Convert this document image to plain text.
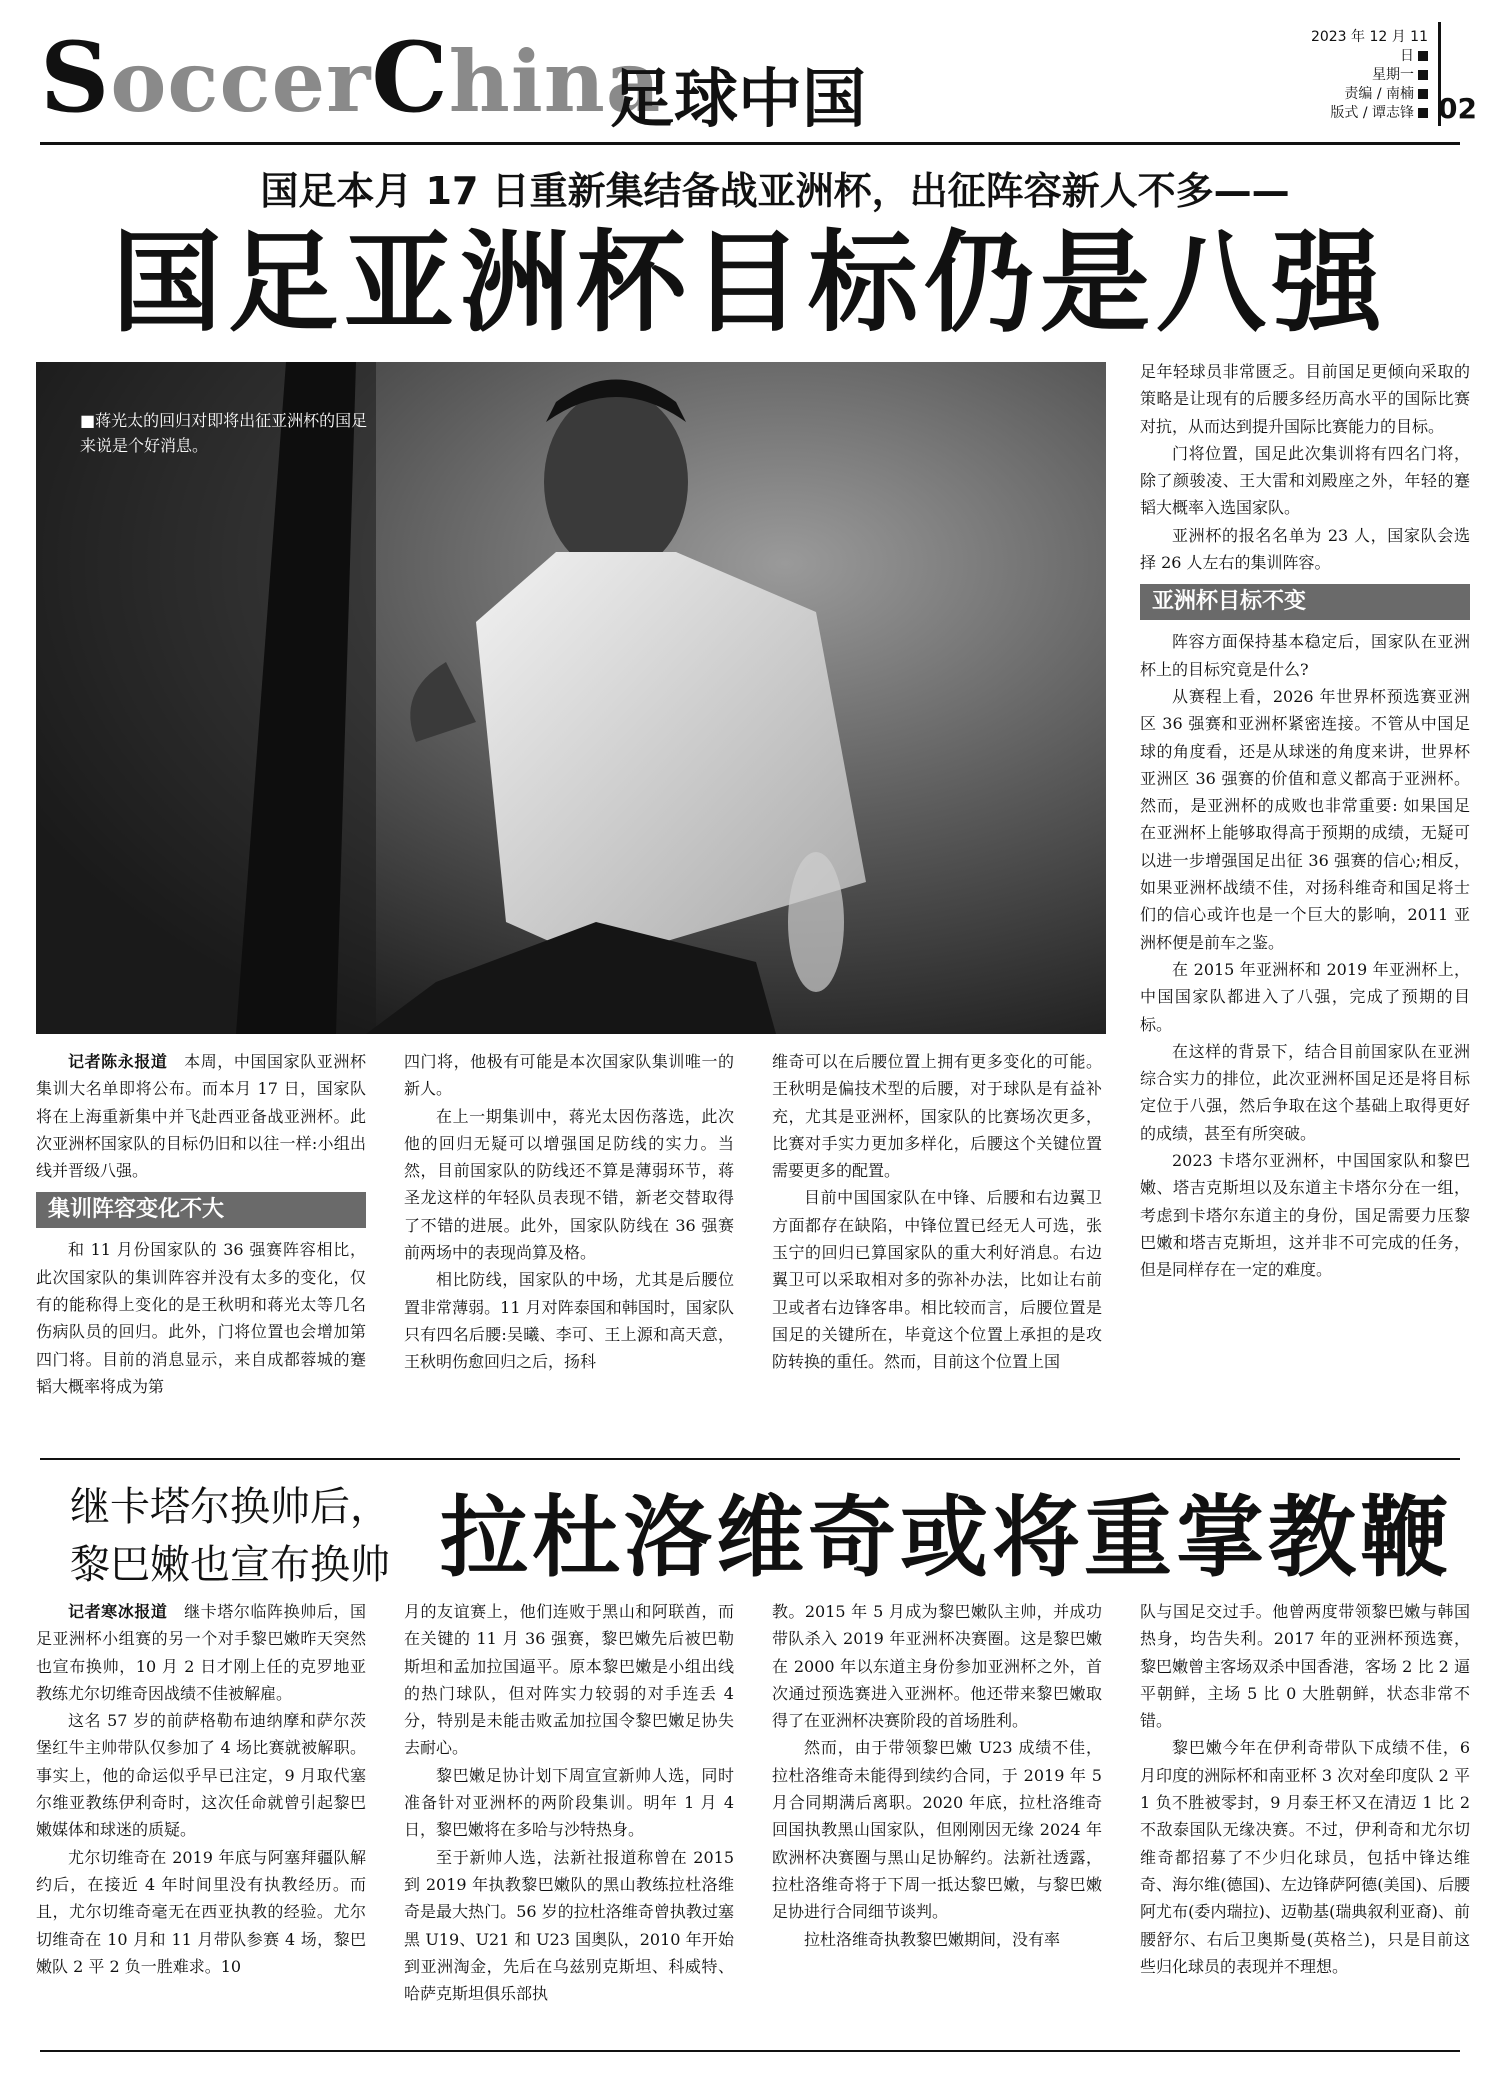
SoccerChina
足球中国
2023 年 12 月 11 日
星期一
责编 / 南楠
版式 / 谭志锋 02
国足本月 17 日重新集结备战亚洲杯，出征阵容新人不多——
国足亚洲杯目标仍是八强
■蒋光太的回归对即将出征亚洲杯的国足来说是个好消息。

记者陈永报道　 本周，中国国家队亚洲杯集训大名单即将公布。而本月 17 日，国家队将在上海重新集中并飞赴西亚备战亚洲杯。此次亚洲杯国家队的目标仍旧和以往一样:小组出线并晋级八强。

集训阵容变化不大

和 11 月份国家队的 36 强赛阵容相比，此次国家队的集训阵容并没有太多的变化，仅有的能称得上变化的是王秋明和蒋光太等几名伤病队员的回归。此外，门将位置也会增加第四门将。目前的消息显示，来自成都蓉城的蹇韬大概率将成为第

四门将，他极有可能是本次国家队集训唯一的新人。

在上一期集训中，蒋光太因伤落选，此次他的回归无疑可以增强国足防线的实力。当然，目前国家队的防线还不算是薄弱环节，蒋圣龙这样的年轻队员表现不错，新老交替取得了不错的进展。此外，国家队防线在 36 强赛前两场中的表现尚算及格。

相比防线，国家队的中场，尤其是后腰位置非常薄弱。11 月对阵泰国和韩国时，国家队只有四名后腰:吴曦、李可、王上源和高天意，王秋明伤愈回归之后，扬科

维奇可以在后腰位置上拥有更多变化的可能。王秋明是偏技术型的后腰，对于球队是有益补充，尤其是亚洲杯，国家队的比赛场次更多，比赛对手实力更加多样化，后腰这个关键位置需要更多的配置。

目前中国国家队在中锋、后腰和右边翼卫方面都存在缺陷，中锋位置已经无人可选，张玉宁的回归已算国家队的重大利好消息。右边翼卫可以采取相对多的弥补办法，比如让右前卫或者右边锋客串。相比较而言，后腰位置是国足的关键所在，毕竟这个位置上承担的是攻防转换的重任。然而，目前这个位置上国

足年轻球员非常匮乏。目前国足更倾向采取的策略是让现有的后腰多经历高水平的国际比赛对抗，从而达到提升国际比赛能力的目标。

门将位置，国足此次集训将有四名门将，除了颜骏凌、王大雷和刘殿座之外，年轻的蹇韬大概率入选国家队。

亚洲杯的报名名单为 23 人，国家队会选择 26 人左右的集训阵容。

亚洲杯目标不变

阵容方面保持基本稳定后，国家队在亚洲杯上的目标究竟是什么?

从赛程上看，2026 年世界杯预选赛亚洲区 36 强赛和亚洲杯紧密连接。不管从中国足球的角度看，还是从球迷的角度来讲，世界杯亚洲区 36 强赛的价值和意义都高于亚洲杯。然而，是亚洲杯的成败也非常重要: 如果国足在亚洲杯上能够取得高于预期的成绩，无疑可以进一步增强国足出征 36 强赛的信心;相反，如果亚洲杯战绩不佳，对扬科维奇和国足将士们的信心或许也是一个巨大的影响，2011 亚洲杯便是前车之鉴。

在 2015 年亚洲杯和 2019 年亚洲杯上，中国国家队都进入了八强，完成了预期的目标。

在这样的背景下，结合目前国家队在亚洲综合实力的排位，此次亚洲杯国足还是将目标定位于八强，然后争取在这个基础上取得更好的成绩，甚至有所突破。

2023 卡塔尔亚洲杯，中国国家队和黎巴嫩、塔吉克斯坦以及东道主卡塔尔分在一组，考虑到卡塔尔东道主的身份，国足需要力压黎巴嫩和塔吉克斯坦，这并非不可完成的任务，但是同样存在一定的难度。

继卡塔尔换帅后，
黎巴嫩也宣布换帅 拉杜洛维奇或将重掌教鞭

记者寒冰报道　 继卡塔尔临阵换帅后，国足亚洲杯小组赛的另一个对手黎巴嫩昨天突然也宣布换帅，10 月 2 日才刚上任的克罗地亚教练尤尔切维奇因战绩不佳被解雇。

这名 57 岁的前萨格勒布迪纳摩和萨尔茨堡红牛主帅带队仅参加了 4 场比赛就被解职。事实上，他的命运似乎早已注定，9 月取代塞尔维亚教练伊利奇时，这次任命就曾引起黎巴嫩媒体和球迷的质疑。

尤尔切维奇在 2019 年底与阿塞拜疆队解约后，在接近 4 年时间里没有执教经历。而且，尤尔切维奇毫无在西亚执教的经验。尤尔切维奇在 10 月和 11 月带队参赛 4 场，黎巴嫩队 2 平 2 负一胜难求。10

月的友谊赛上，他们连败于黑山和阿联酋，而在关键的 11 月 36 强赛，黎巴嫩先后被巴勒斯坦和孟加拉国逼平。原本黎巴嫩是小组出线的热门球队，但对阵实力较弱的对手连丢 4 分，特别是未能击败孟加拉国令黎巴嫩足协失去耐心。

黎巴嫩足协计划下周宣宣新帅人选，同时准备针对亚洲杯的两阶段集训。明年 1 月 4 日，黎巴嫩将在多哈与沙特热身。

至于新帅人选，法新社报道称曾在 2015 到 2019 年执教黎巴嫩队的黑山教练拉杜洛维奇是最大热门。56 岁的拉杜洛维奇曾执教过塞黑 U19、U21 和 U23 国奥队，2010 年开始到亚洲淘金，先后在乌兹别克斯坦、科威特、哈萨克斯坦俱乐部执

教。2015 年 5 月成为黎巴嫩队主帅，并成功带队杀入 2019 年亚洲杯决赛圈。这是黎巴嫩在 2000 年以东道主身份参加亚洲杯之外，首次通过预选赛进入亚洲杯。他还带来黎巴嫩取得了在亚洲杯决赛阶段的首场胜利。

然而，由于带领黎巴嫩 U23 成绩不佳，拉杜洛维奇未能得到续约合同，于 2019 年 5 月合同期满后离职。2020 年底，拉杜洛维奇回国执教黑山国家队，但刚刚因无缘 2024 年欧洲杯决赛圈与黑山足协解约。法新社透露，拉杜洛维奇将于下周一抵达黎巴嫩，与黎巴嫩足协进行合同细节谈判。

拉杜洛维奇执教黎巴嫩期间，没有率

队与国足交过手。他曾两度带领黎巴嫩与韩国热身，均告失利。2017 年的亚洲杯预选赛，黎巴嫩曾主客场双杀中国香港，客场 2 比 2 逼平朝鲜，主场 5 比 0 大胜朝鲜，状态非常不错。

黎巴嫩今年在伊利奇带队下成绩不佳，6 月印度的洲际杯和南亚杯 3 次对垒印度队 2 平 1 负不胜被零封，9 月泰王杯又在清迈 1 比 2 不敌泰国队无缘决赛。不过，伊利奇和尤尔切维奇都招募了不少归化球员，包括中锋达维奇、海尔维(德国)、左边锋萨阿德(美国)、后腰阿尤布(委内瑞拉)、迈勒基(瑞典叙利亚裔)、前腰舒尔、右后卫奥斯曼(英格兰)，只是目前这些归化球员的表现并不理想。
